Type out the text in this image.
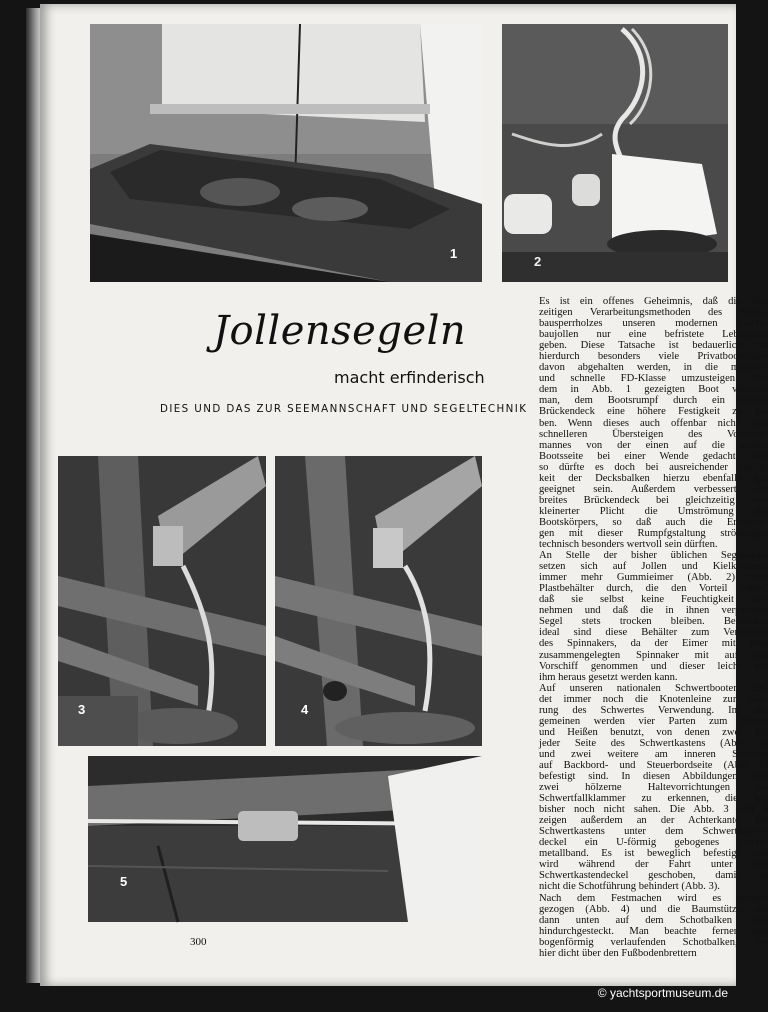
1
2
Jollensegeln
macht erfinderisch
DIES UND DAS ZUR SEEMANNSCHAFT UND SEGELTECHNIK
3	4
5

Es ist ein offenes Geheimnis, daß die der-

zeitigen Verarbeitungsmethoden des Boots-

bausperrholzes unseren modernen Leicht-

baujollen nur eine befristete Lebenszeit

geben. Diese Tatsache ist bedauerlich, da

hierdurch besonders viele Privatbooteigner

davon abgehalten werden, in die moderne

und schnelle FD-Klasse umzusteigen. Bei

dem in Abb. 1 gezeigten Boot versucht

man, dem Bootsrumpf durch ein breites

Brückendeck eine höhere Festigkeit zu ge-

ben. Wenn dieses auch offenbar nicht zum

schnelleren Übersteigen des Vorschot-

mannes von der einen auf die andere

Bootsseite bei einer Wende gedacht war,

so dürfte es doch bei ausreichender Festig-

keit der Decksbalken hierzu ebenfalls gut

geeignet sein. Außerdem verbessert ein

breites Brückendeck bei gleichzeitig ver-

kleinerter Plicht die Umströmung des

Bootskörpers, so daß auch die Erfahrun-

gen mit dieser Rumpfgstaltung strömungs-

technisch besonders wertvoll sein dürften.

An Stelle der bisher üblichen Segelsäcke

setzen sich auf Jollen und Kielkreuzern

immer mehr Gummieimer (Abb. 2) oder

Plastbehälter durch, die den Vorteil haben,

daß sie selbst keine Feuchtigkeit auf-

nehmen und daß die in ihnen verpackten

Segel stets trocken bleiben. Besonders

ideal sind diese Behälter zum Verpacken

des Spinnakers, da der Eimer mit dem

zusammengelegten Spinnaker mit auf das

Vorschiff genommen und dieser leicht aus

ihm heraus gesetzt werden kann.

Auf unseren nationalen Schwertbooten fin-

det immer noch die Knotenleine zur Füh-

rung des Schwertes Verwendung. Im all-

gemeinen werden vier Parten zum Fieren

und Heißen benutzt, von denen zwei auf

jeder Seite des Schwertkastens (Abb. 3)

und zwei weitere am inneren Süllrand

auf Backbord- und Steuerbordseite (Abb. 5)

befestigt sind. In diesen Abbildungen sind

zwei hölzerne Haltevorrichtungen als

Schwertfallklammer zu erkennen, die wir

bisher noch nicht sahen. Die Abb. 3 und 4

zeigen außerdem an der Achterkante des

Schwertkastens unter dem Schwertkasten-

deckel ein U-förmig gebogenes Leicht-

metallband. Es ist beweglich befestigt und

wird während der Fahrt unter den

Schwertkastendeckel geschoben, damit es

nicht die Schotführung behindert (Abb. 3).

Nach dem Festmachen wird es heraus-

gezogen (Abb. 4) und die Baumstütze, die

dann unten auf dem Schotbalken ruht,

hindurchgesteckt. Man beachte ferner den

bogenförmig verlaufenden Schotbalken, der

hier dicht über den Fußbodenbrettern

300
© yachtsportmuseum.de
